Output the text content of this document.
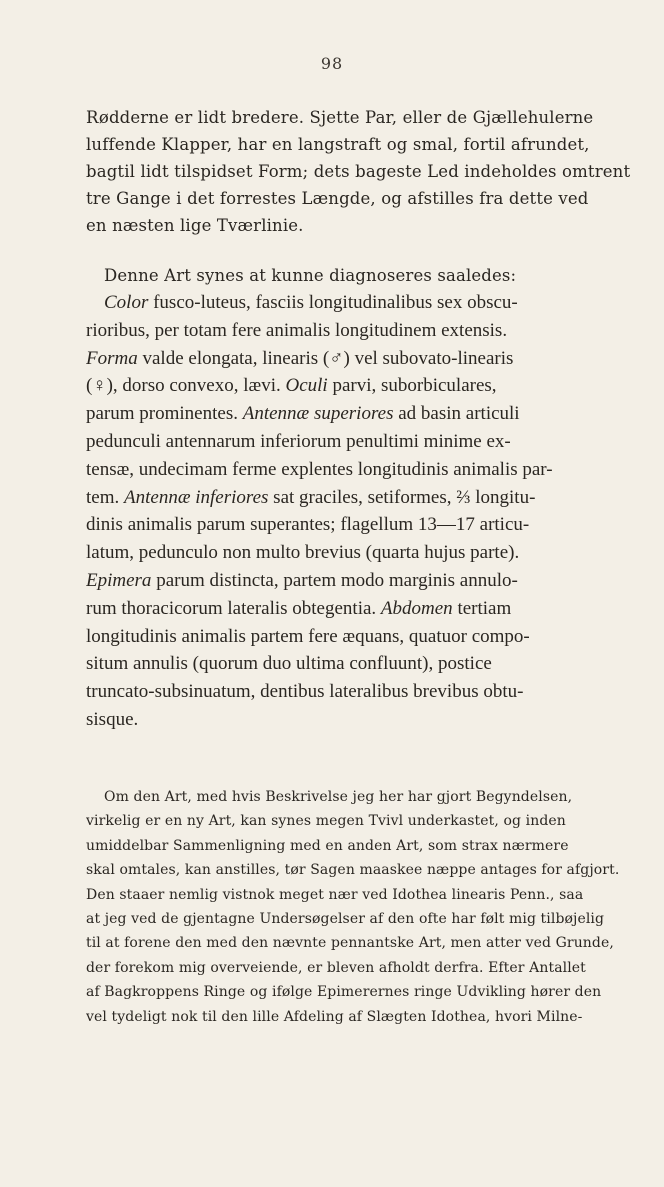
98
Rødderne er lidt bredere. Sjette Par, eller de Gjællehulerne
luffende Klapper, har en langstraft og smal, fortil afrundet,
bagtil lidt tilspidset Form; dets bageste Led indeholdes omtrent
tre Gange i det forrestes Længde, og afstilles fra dette ved
en næsten lige Tværlinie.
Denne Art synes at kunne diagnoseres saaledes:
Color fusco-luteus, fasciis longitudinalibus sex obscu-
rioribus, per totam fere animalis longitudinem extensis.
Forma valde elongata, linearis (♂) vel subovato-linearis
(♀), dorso convexo, lævi. Oculi parvi, suborbiculares,
parum prominentes. Antennæ superiores ad basin articuli
pedunculi antennarum inferiorum penultimi minime ex-
tensæ, undecimam ferme explentes longitudinis animalis par-
tem. Antennæ inferiores sat graciles, setiformes, ⅔ longitu-
dinis animalis parum superantes; flagellum 13—17 articu-
latum, pedunculo non multo brevius (quarta hujus parte).
Epimera parum distincta, partem modo marginis annulo-
rum thoracicorum lateralis obtegentia. Abdomen tertiam
longitudinis animalis partem fere æquans, quatuor compo-
situm annulis (quorum duo ultima confluunt), postice
truncato-subsinuatum, dentibus lateralibus brevibus obtu-
sisque.
Om den Art, med hvis Beskrivelse jeg her har gjort Begyndelsen,
virkelig er en ny Art, kan synes megen Tvivl underkastet, og inden
umiddelbar Sammenligning med en anden Art, som strax nærmere
skal omtales, kan anstilles, tør Sagen maaskee næppe antages for afgjort.
Den staaer nemlig vistnok meget nær ved Idothea linearis Penn., saa
at jeg ved de gjentagne Undersøgelser af den ofte har følt mig tilbøjelig
til at forene den med den nævnte pennantske Art, men atter ved Grunde,
der forekom mig overveiende, er bleven afholdt derfra. Efter Antallet
af Bagkroppens Ringe og ifølge Epimerernes ringe Udvikling hører den
vel tydeligt nok til den lille Afdeling af Slægten Idothea, hvori Milne-
